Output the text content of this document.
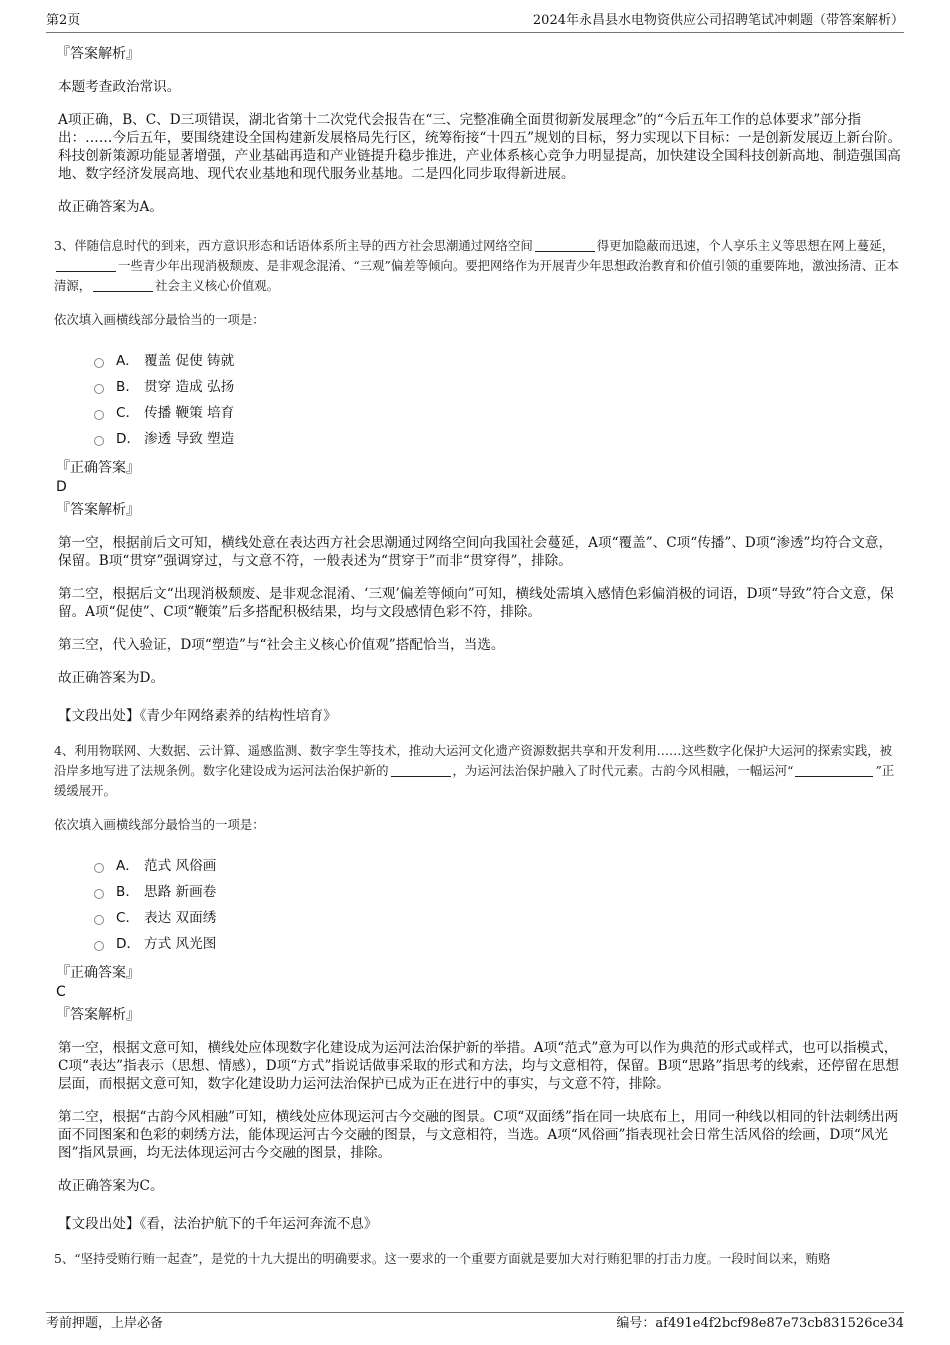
第2页	2024年永昌县水电物资供应公司招聘笔试冲刺题（带答案解析）
『答案解析』
本题考查政治常识。
A项正确，B、C、D三项错误，湖北省第十二次党代会报告在“三、完整准确全面贯彻新发展理念”的“今后五年工作的总体要求”部分指出：……今后五年，要围绕建设全国构建新发展格局先行区，统筹衔接“十四五”规划的目标，努力实现以下目标：一是创新发展迈上新台阶。科技创新策源功能显著增强，产业基础再造和产业链提升稳步推进，产业体系核心竞争力明显提高，加快建设全国科技创新高地、制造强国高地、数字经济发展高地、现代农业基地和现代服务业基地。二是四化同步取得新进展。
故正确答案为A。
3、伴随信息时代的到来，西方意识形态和话语体系所主导的西方社会思潮通过网络空间	得更加隐蔽而迅速，个人享乐主义等思想在网上蔓延，一些青少年出现消极颓废、是非观念混淆、“三观”偏差等倾向。要把网络作为开展青少年思想政治教育和价值引领的重要阵地，激浊扬清、正本清源，	社会主义核心价值观。
依次填入画横线部分最恰当的一项是：
A． 覆盖 促使 铸就
B． 贯穿 造成 弘扬
C． 传播 鞭策 培育
D． 渗透 导致 塑造
『正确答案』
D
『答案解析』
第一空，根据前后文可知，横线处意在表达西方社会思潮通过网络空间向我国社会蔓延，A项“覆盖”、C项“传播”、D项“渗透”均符合文意，保留。B项“贯穿”强调穿过，与文意不符，一般表述为“贯穿于”而非“贯穿得”，排除。
第二空，根据后文“出现消极颓废、是非观念混淆、‘三观’偏差等倾向”可知，横线处需填入感情色彩偏消极的词语，D项“导致”符合文意，保留。A项“促使”、C项“鞭策”后多搭配积极结果，均与文段感情色彩不符，排除。
第三空，代入验证，D项“塑造”与“社会主义核心价值观”搭配恰当，当选。
故正确答案为D。
【文段出处】《青少年网络素养的结构性培育》
4、利用物联网、大数据、云计算、遥感监测、数字孪生等技术，推动大运河文化遗产资源数据共享和开发利用……这些数字化保护大运河的探索实践，被沿岸多地写进了法规条例。数字化建设成为运河法治保护新的	，为运河法治保护融入了时代元素。古韵今风相融，一幅运河“	”正缓缓展开。
依次填入画横线部分最恰当的一项是：
A． 范式 风俗画
B． 思路 新画卷
C． 表达 双面绣
D． 方式 风光图
『正确答案』
C
『答案解析』
第一空，根据文意可知，横线处应体现数字化建设成为运河法治保护新的举措。A项“范式”意为可以作为典范的形式或样式，也可以指模式，C项“表达”指表示（思想、情感），D项“方式”指说话做事采取的形式和方法，均与文意相符，保留。B项“思路”指思考的线索，还停留在思想层面，而根据文意可知，数字化建设助力运河法治保护已成为正在进行中的事实，与文意不符，排除。
第二空，根据“古韵今风相融”可知，横线处应体现运河古今交融的图景。C项“双面绣”指在同一块底布上，用同一种线以相同的针法刺绣出两面不同图案和色彩的刺绣方法，能体现运河古今交融的图景，与文意相符，当选。A项“风俗画”指表现社会日常生活风俗的绘画，D项“风光图”指风景画，均无法体现运河古今交融的图景，排除。
故正确答案为C。
【文段出处】《看，法治护航下的千年运河奔流不息》
5、“坚持受贿行贿一起查”，是党的十九大提出的明确要求。这一要求的一个重要方面就是要加大对行贿犯罪的打击力度。一段时间以来，贿赂
考前押题，上岸必备	编号：af491e4f2bcf98e87e73cb831526ce34
